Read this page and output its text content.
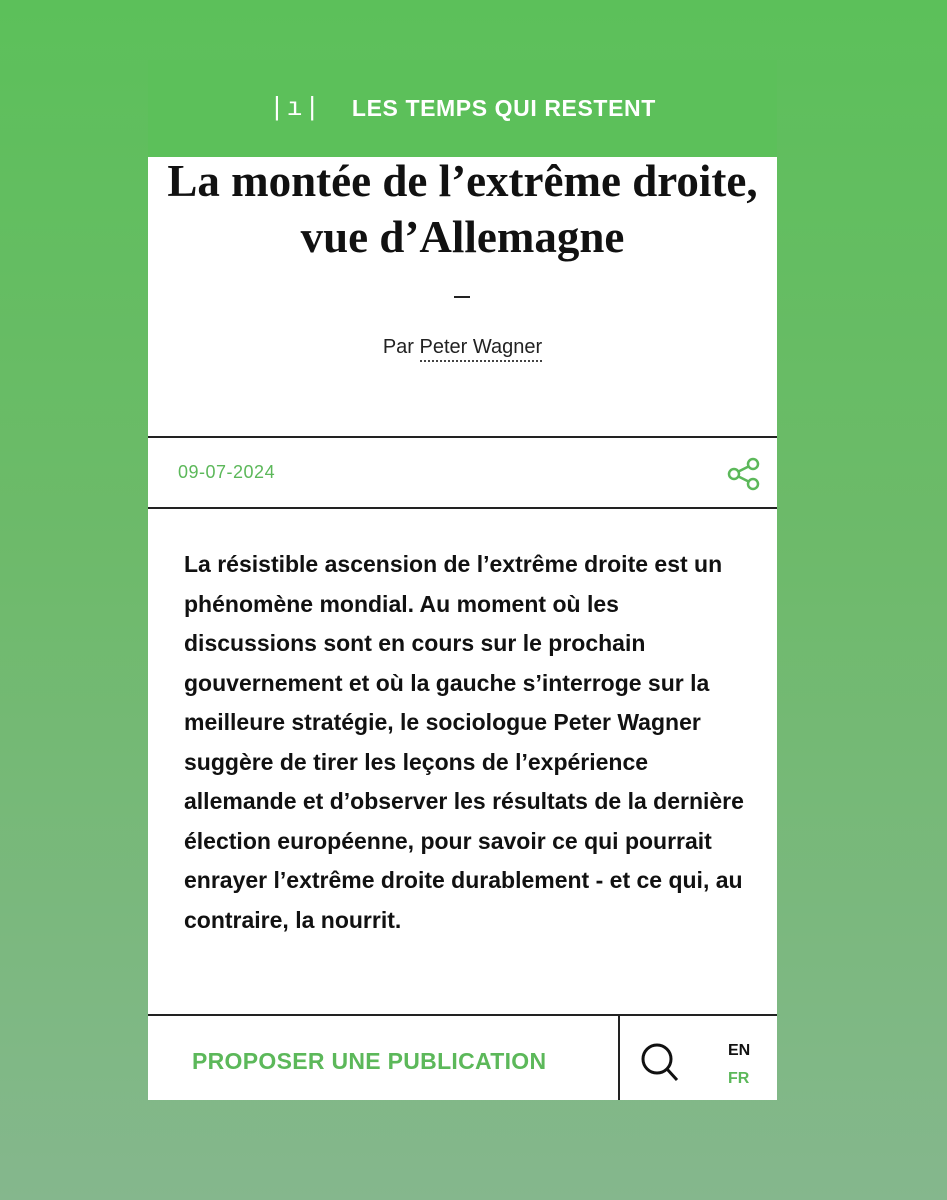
|ı| LES TEMPS QUI RESTENT
La montée de l’extrême droite, vue d’Allemagne
Par Peter Wagner
09-07-2024

La résistible ascension de l’extrême droite est un phénomène mondial. Au moment où les discussions sont en cours sur le prochain gouvernement et où la gauche s’interroge sur la meilleure stratégie, le sociologue Peter Wagner suggère de tirer les leçons de l’expérience allemande et d’observer les résultats de la dernière élection européenne, pour savoir ce qui pourrait enrayer l’extrême droite durablement - et ce qui, au contraire, la nourrit.

PROPOSER UNE PUBLICATION	EN
FR
